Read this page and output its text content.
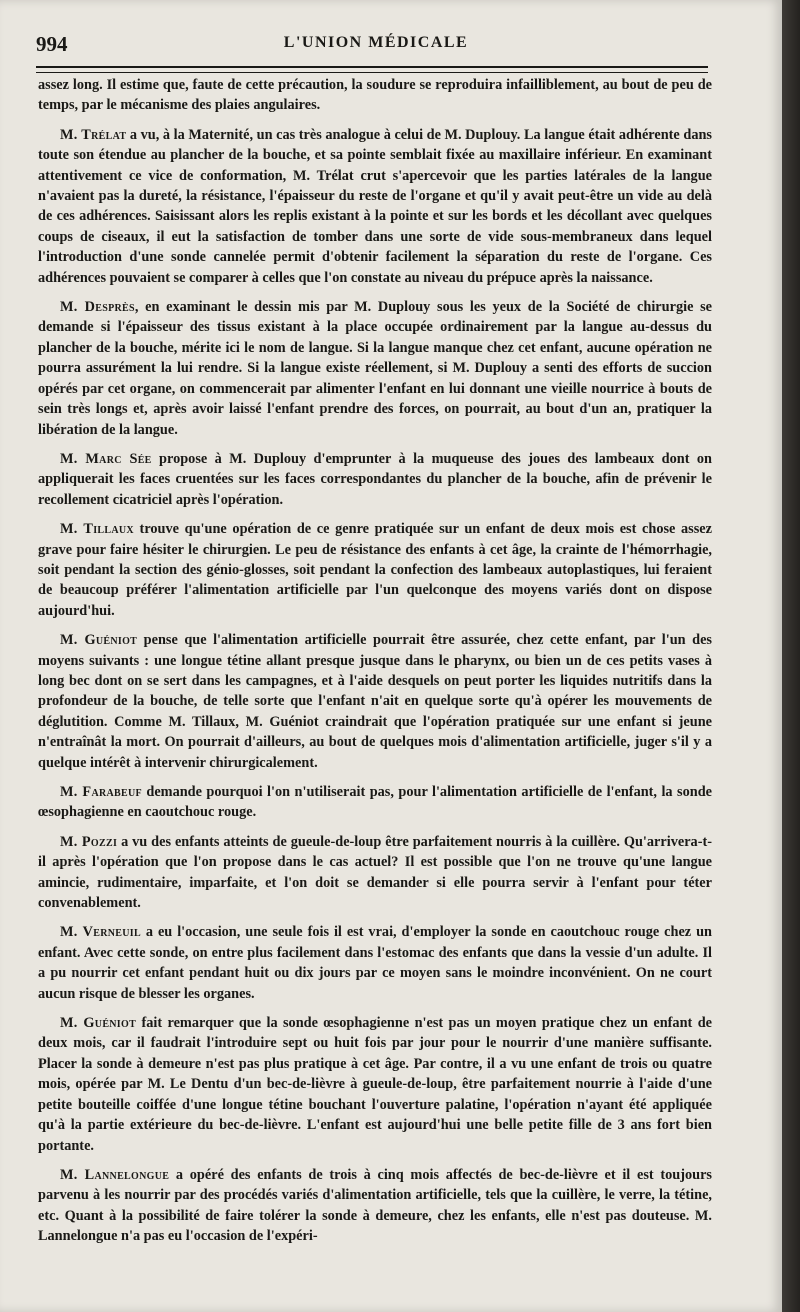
994	L'UNION MÉDICALE

assez long. Il estime que, faute de cette précaution, la soudure se reproduira infailliblement, au bout de peu de temps, par le mécanisme des plaies angulaires.

M. Trélat a vu, à la Maternité, un cas très analogue à celui de M. Duplouy. La langue était adhérente dans toute son étendue au plancher de la bouche, et sa pointe semblait fixée au maxillaire inférieur. En examinant attentivement ce vice de conformation, M. Trélat crut s'apercevoir que les parties latérales de la langue n'avaient pas la dureté, la résistance, l'épaisseur du reste de l'organe et qu'il y avait peut-être un vide au delà de ces adhérences. Saisissant alors les replis existant à la pointe et sur les bords et les décollant avec quelques coups de ciseaux, il eut la satisfaction de tomber dans une sorte de vide sous-membraneux dans lequel l'introduction d'une sonde cannelée permit d'obtenir facilement la séparation du reste de l'organe. Ces adhérences pouvaient se comparer à celles que l'on constate au niveau du prépuce après la naissance.

M. Desprès, en examinant le dessin mis par M. Duplouy sous les yeux de la Société de chirurgie se demande si l'épaisseur des tissus existant à la place occupée ordinairement par la langue au-dessus du plancher de la bouche, mérite ici le nom de langue. Si la langue manque chez cet enfant, aucune opération ne pourra assurément la lui rendre. Si la langue existe réellement, si M. Duplouy a senti des efforts de succion opérés par cet organe, on commencerait par alimenter l'enfant en lui donnant une vieille nourrice à bouts de sein très longs et, après avoir laissé l'enfant prendre des forces, on pourrait, au bout d'un an, pratiquer la libération de la langue.

M. Marc Sée propose à M. Duplouy d'emprunter à la muqueuse des joues des lambeaux dont on appliquerait les faces cruentées sur les faces correspondantes du plancher de la bouche, afin de prévenir le recollement cicatriciel après l'opération.

M. Tillaux trouve qu'une opération de ce genre pratiquée sur un enfant de deux mois est chose assez grave pour faire hésiter le chirurgien. Le peu de résistance des enfants à cet âge, la crainte de l'hémorrhagie, soit pendant la section des génio-glosses, soit pendant la confection des lambeaux autoplastiques, lui feraient de beaucoup préférer l'alimentation artificielle par l'un quelconque des moyens variés dont on dispose aujourd'hui.

M. Guéniot pense que l'alimentation artificielle pourrait être assurée, chez cette enfant, par l'un des moyens suivants : une longue tétine allant presque jusque dans le pharynx, ou bien un de ces petits vases à long bec dont on se sert dans les campagnes, et à l'aide desquels on peut porter les liquides nutritifs dans la profondeur de la bouche, de telle sorte que l'enfant n'ait en quelque sorte qu'à opérer les mouvements de déglutition. Comme M. Tillaux, M. Guéniot craindrait que l'opération pratiquée sur une enfant si jeune n'entraînât la mort. On pourrait d'ailleurs, au bout de quelques mois d'alimentation artificielle, juger s'il y a quelque intérêt à intervenir chirurgicalement.

M. Farabeuf demande pourquoi l'on n'utiliserait pas, pour l'alimentation artificielle de l'enfant, la sonde œsophagienne en caoutchouc rouge.

M. Pozzi a vu des enfants atteints de gueule-de-loup être parfaitement nourris à la cuillère. Qu'arrivera-t-il après l'opération que l'on propose dans le cas actuel? Il est possible que l'on ne trouve qu'une langue amincie, rudimentaire, imparfaite, et l'on doit se demander si elle pourra servir à l'enfant pour téter convenablement.

M. Verneuil a eu l'occasion, une seule fois il est vrai, d'employer la sonde en caoutchouc rouge chez un enfant. Avec cette sonde, on entre plus facilement dans l'estomac des enfants que dans la vessie d'un adulte. Il a pu nourrir cet enfant pendant huit ou dix jours par ce moyen sans le moindre inconvénient. On ne court aucun risque de blesser les organes.

M. Guéniot fait remarquer que la sonde œsophagienne n'est pas un moyen pratique chez un enfant de deux mois, car il faudrait l'introduire sept ou huit fois par jour pour le nourrir d'une manière suffisante. Placer la sonde à demeure n'est pas plus pratique à cet âge. Par contre, il a vu une enfant de trois ou quatre mois, opérée par M. Le Dentu d'un bec-de-lièvre à gueule-de-loup, être parfaitement nourrie à l'aide d'une petite bouteille coiffée d'une longue tétine bouchant l'ouverture palatine, l'opération n'ayant été appliquée qu'à la partie extérieure du bec-de-lièvre. L'enfant est aujourd'hui une belle petite fille de 3 ans fort bien portante.

M. Lannelongue a opéré des enfants de trois à cinq mois affectés de bec-de-lièvre et il est toujours parvenu à les nourrir par des procédés variés d'alimentation artificielle, tels que la cuillère, le verre, la tétine, etc. Quant à la possibilité de faire tolérer la sonde à demeure, chez les enfants, elle n'est pas douteuse. M. Lannelongue n'a pas eu l'occasion de l'expéri-
